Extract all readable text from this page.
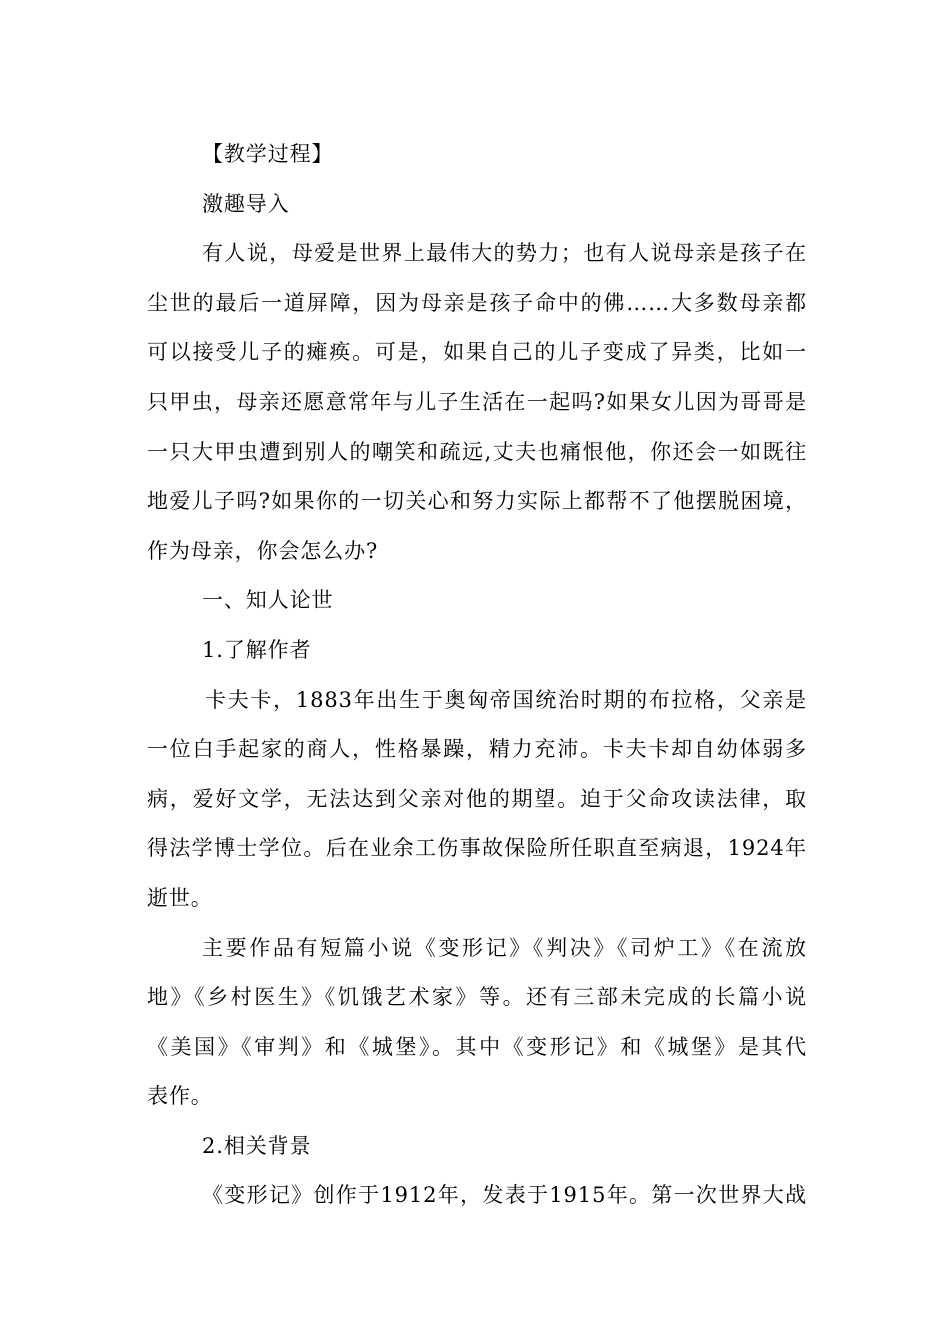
【教学过程】
激趣导入
有人说，母爱是世界上最伟大的势力；也有人说母亲是孩子在
尘世的最后一道屏障，因为母亲是孩子命中的佛……大多数母亲都
可以接受儿子的瘫痪。可是，如果自己的儿子变成了异类，比如一
只甲虫，母亲还愿意常年与儿子生活在一起吗?如果女儿因为哥哥是
一只大甲虫遭到别人的嘲笑和疏远,丈夫也痛恨他，你还会一如既往
地爱儿子吗?如果你的一切关心和努力实际上都帮不了他摆脱困境，
作为母亲，你会怎么办?
一、知人论世
1.了解作者
卡夫卡，1883年出生于奥匈帝国统治时期的布拉格，父亲是
一位白手起家的商人，性格暴躁，精力充沛。卡夫卡却自幼体弱多
病，爱好文学，无法达到父亲对他的期望。迫于父命攻读法律，取
得法学博士学位。后在业余工伤事故保险所任职直至病退，1924年
逝世。
主要作品有短篇小说《变形记》《判决》《司炉工》《在流放
地》《乡村医生》《饥饿艺术家》等。还有三部未完成的长篇小说
《美国》《审判》和《城堡》。其中《变形记》和《城堡》是其代
表作。
2.相关背景
《变形记》创作于1912年，发表于1915年。第一次世界大战
